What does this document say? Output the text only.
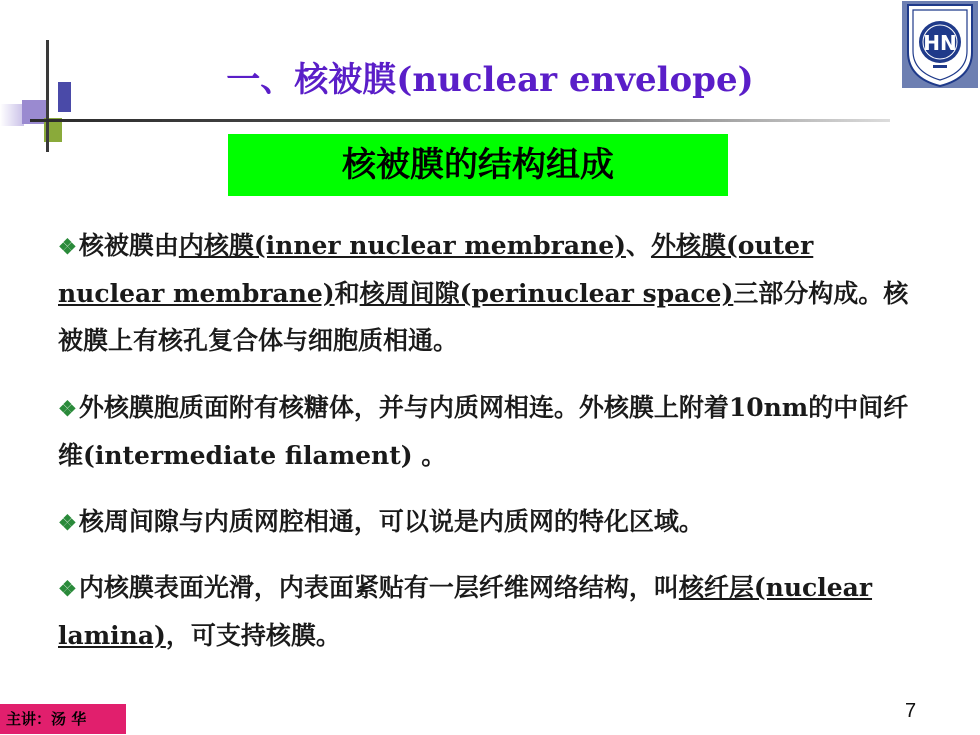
HN
一、核被膜(nuclear envelope)
核被膜的结构组成
❖核被膜由内核膜(inner nuclear membrane)、外核膜(outer nuclear membrane)和核周间隙(perinuclear space)三部分构成。核被膜上有核孔复合体与细胞质相通。
❖外核膜胞质面附有核糖体，并与内质网相连。外核膜上附着10nm的中间纤维(intermediate filament) 。
❖核周间隙与内质网腔相通，可以说是内质网的特化区域。
❖内核膜表面光滑，内表面紧贴有一层纤维网络结构，叫核纤层(nuclear lamina)，可支持核膜。
主讲：汤 华	7
